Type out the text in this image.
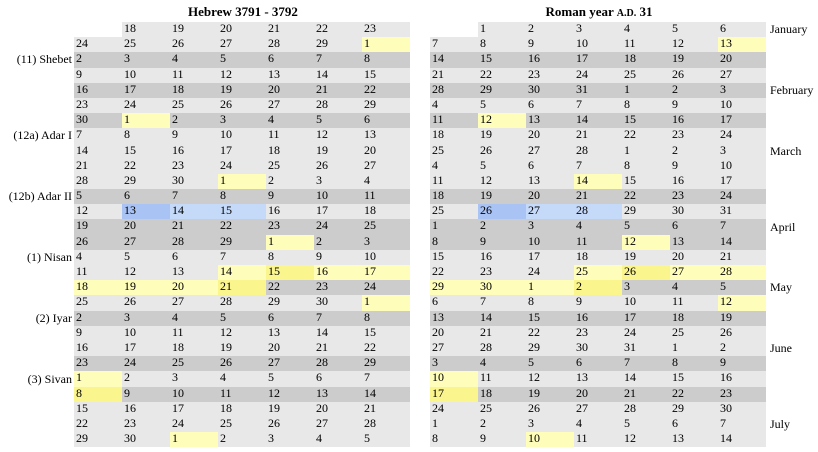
Hebrew 3791 - 3792	Roman year A.D. 31
	18	19	20	21	22	23
24	25	26	27	28	29	1
2	3	4	5	6	7	8
9	10	11	12	13	14	15
16	17	18	19	20	21	22
23	24	25	26	27	28	29
30	1	2	3	4	5	6
7	8	9	10	11	12	13
14	15	16	17	18	19	20
21	22	23	24	25	26	27
28	29	30	1	2	3	4
5	6	7	8	9	10	11
12	13	14	15	16	17	18
19	20	21	22	23	24	25
26	27	28	29	1	2	3
4	5	6	7	8	9	10
11	12	13	14	15	16	17
18	19	20	21	22	23	24
25	26	27	28	29	30	1
2	3	4	5	6	7	8
9	10	11	12	13	14	15
16	17	18	19	20	21	22
23	24	25	26	27	28	29
1	2	3	4	5	6	7
8	9	10	11	12	13	14
15	16	17	18	19	20	21
22	23	24	25	26	27	28
29	30	1	2	3	4	5
	1	2	3	4	5	6
7	8	9	10	11	12	13
14	15	16	17	18	19	20
21	22	23	24	25	26	27
28	29	30	31	1	2	3
4	5	6	7	8	9	10
11	12	13	14	15	16	17
18	19	20	21	22	23	24
25	26	27	28	1	2	3
4	5	6	7	8	9	10
11	12	13	14	15	16	17
18	19	20	21	22	23	24
25	26	27	28	29	30	31
1	2	3	4	5	6	7
8	9	10	11	12	13	14
15	16	17	18	19	20	21
22	23	24	25	26	27	28
29	30	1	2	3	4	5
6	7	8	9	10	11	12
13	14	15	16	17	18	19
20	21	22	23	24	25	26
27	28	29	30	31	1	2
3	4	5	6	7	8	9
10	11	12	13	14	15	16
17	18	19	20	21	22	23
24	25	26	27	28	29	30
1	2	3	4	5	6	7
8	9	10	11	12	13	14
(11) Shebet
(12a) Adar I
(12b) Adar II
(1) Nisan
(2) Iyar
(3) Sivan
January
February
March
April
May
June
July
